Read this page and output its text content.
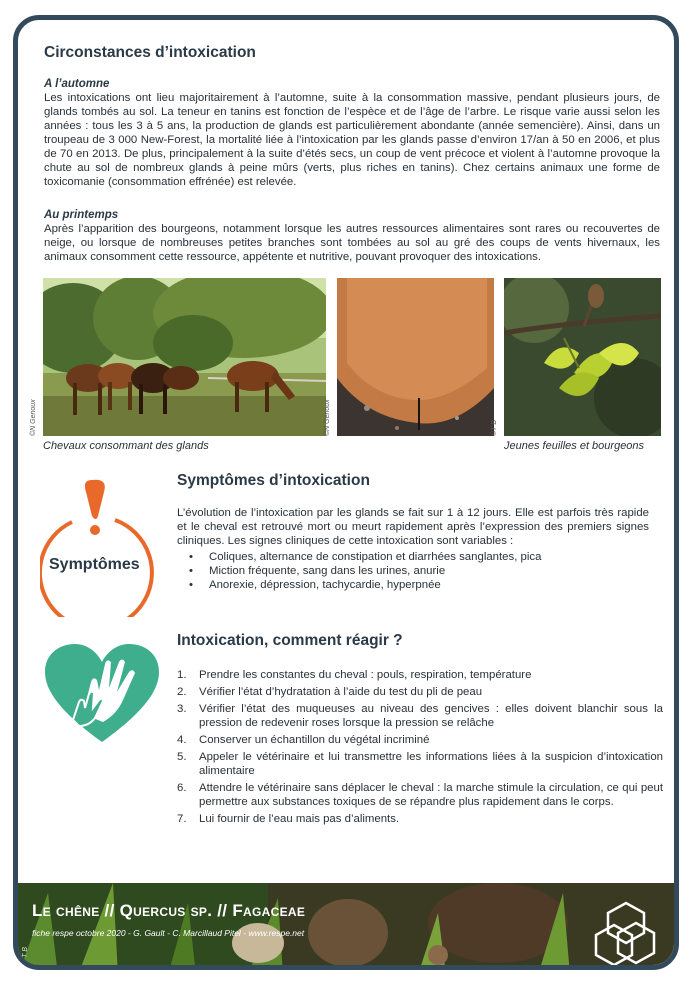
Circonstances d’intoxication
A l’automne

Les intoxications ont lieu majoritairement à l’automne, suite à la consommation massive, pendant plusieurs jours, de glands tombés au sol. La teneur en tanins est fonction de l’espèce et de l’âge de l’arbre. Le risque varie aussi selon les années : tous les 3 à 5 ans, la production de glands est particulièrement abondante (année semencière). Ainsi, dans un troupeau de 3 000 New-Forest, la mortalité liée à l’intoxication par les glands passe d’environ 17/an à 50 en 2006, et plus de 70 en 2013. De plus, principalement à la suite d’étés secs, un coup de vent précoce et violent à l’automne provoque la chute au sol de nombreux glands à peine mûrs (verts, plus riches en tanins). Chez certains animaux une forme de toxicomanie (consommation effrénée) est relevée.

Au printemps

Après l’apparition des bourgeons, notamment lorsque les autres ressources alimentaires sont rares ou recouvertes de neige, ou lorsque de nombreuses petites branches sont tombées au sol au gré des coups de vents hivernaux, les animaux consomment cette ressource, appétente et nutritive, pouvant provoquer des intoxications.

©N Genoux
Chevaux consommant des glands
©N Genoux	©T B
Jeunes feuilles et bourgeons
Symptômes
Symptômes d’intoxication

L’évolution de l’intoxication par les glands se fait sur 1 à 12 jours. Elle est parfois très rapide et le cheval est retrouvé mort ou meurt rapidement après l’expression des premiers signes cliniques. Les signes cliniques de cette intoxication sont variables :

• Coliques, alternance de constipation et diarrhées sanglantes, pica
• Miction fréquente, sang dans les urines, anurie
• Anorexie, dépression, tachycardie, hyperpnée
Intoxication, comment réagir ?
1.	Prendre les constantes du cheval : pouls, respiration, température
2.	Vérifier l’état d’hydratation à l’aide du test du pli de peau
3.	Vérifier l’état des muqueuses au niveau des gencives : elles doivent blanchir sous la pression de redevenir roses lorsque la pression se relâche
4.	Conserver un échantillon du végétal incriminé
5.	Appeler le vétérinaire et lui transmettre les informations liées à la suspicion d’intoxication alimentaire
6.	Attendre le vétérinaire sans déplacer le cheval : la marche stimule la circulation, ce qui peut permettre aux substances toxiques de se répandre plus rapidement dans le corps.
7.	Lui fournir de l’eau mais pas d’aliments.
Le chêne // Quercus sp. // Fagaceae
fiche respe octobre 2020 - G. Gault - C. Marcillaud Pitel - www.respe.net
© T B
